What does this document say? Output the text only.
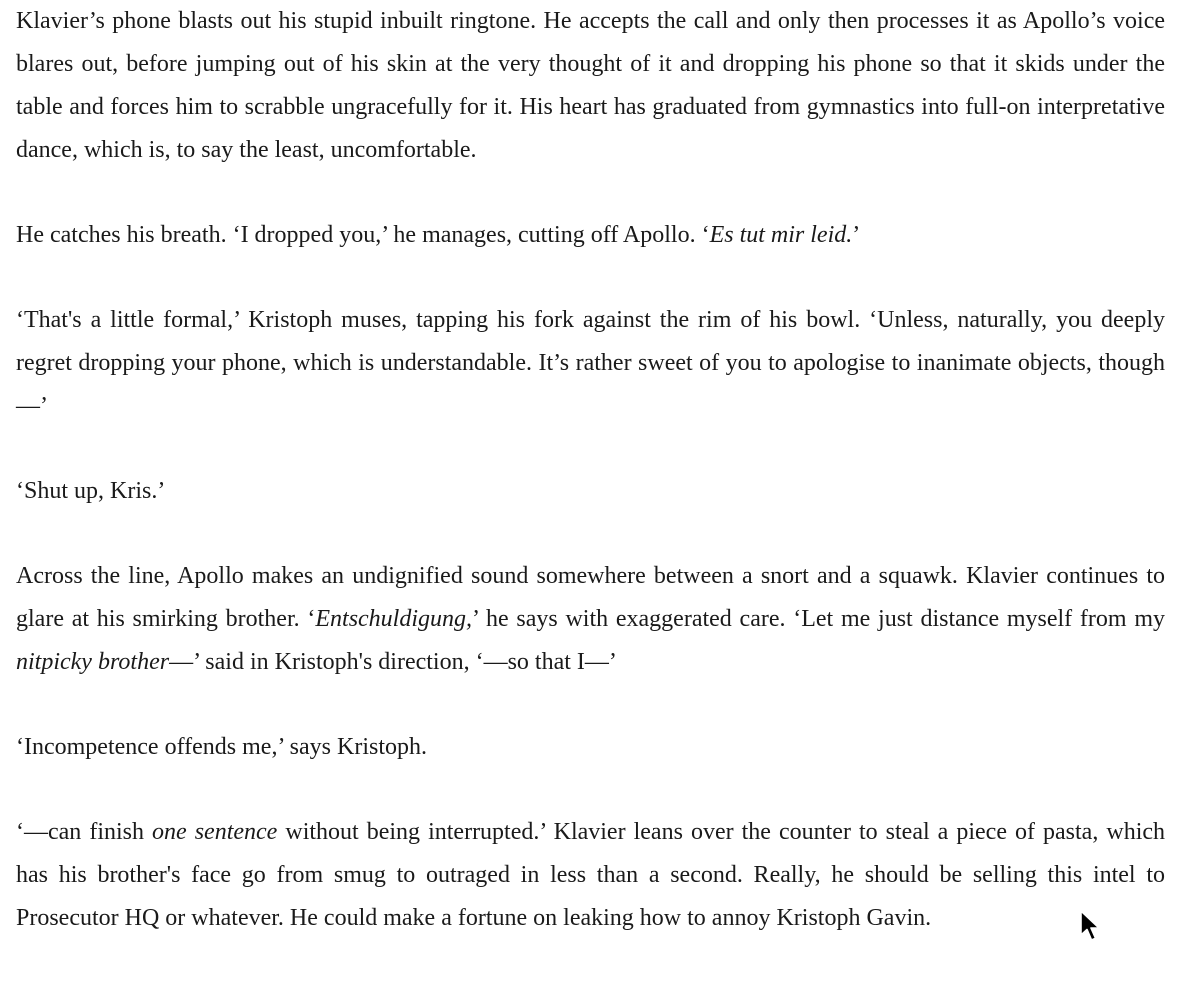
Klavier’s phone blasts out his stupid inbuilt ringtone. He accepts the call and only then processes it as Apollo’s voice blares out, before jumping out of his skin at the very thought of it and dropping his phone so that it skids under the table and forces him to scrabble ungracefully for it. His heart has graduated from gymnastics into full-on interpretative dance, which is, to say the least, uncomfortable.

He catches his breath. ‘I dropped you,’ he manages, cutting off Apollo. ‘Es tut mir leid.’

‘That's a little formal,’ Kristoph muses, tapping his fork against the rim of his bowl. ‘Unless, naturally, you deeply regret dropping your phone, which is understandable. It’s rather sweet of you to apologise to inanimate objects, though—’

‘Shut up, Kris.’

Across the line, Apollo makes an undignified sound somewhere between a snort and a squawk. Klavier continues to glare at his smirking brother. ‘Entschuldigung,’ he says with exaggerated care. ‘Let me just distance myself from my nitpicky brother—’ said in Kristoph's direction, ‘—so that I—’

‘Incompetence offends me,’ says Kristoph.

‘—can finish one sentence without being interrupted.’ Klavier leans over the counter to steal a piece of pasta, which has his brother's face go from smug to outraged in less than a second. Really, he should be selling this intel to Prosecutor HQ or whatever. He could make a fortune on leaking how to annoy Kristoph Gavin.
